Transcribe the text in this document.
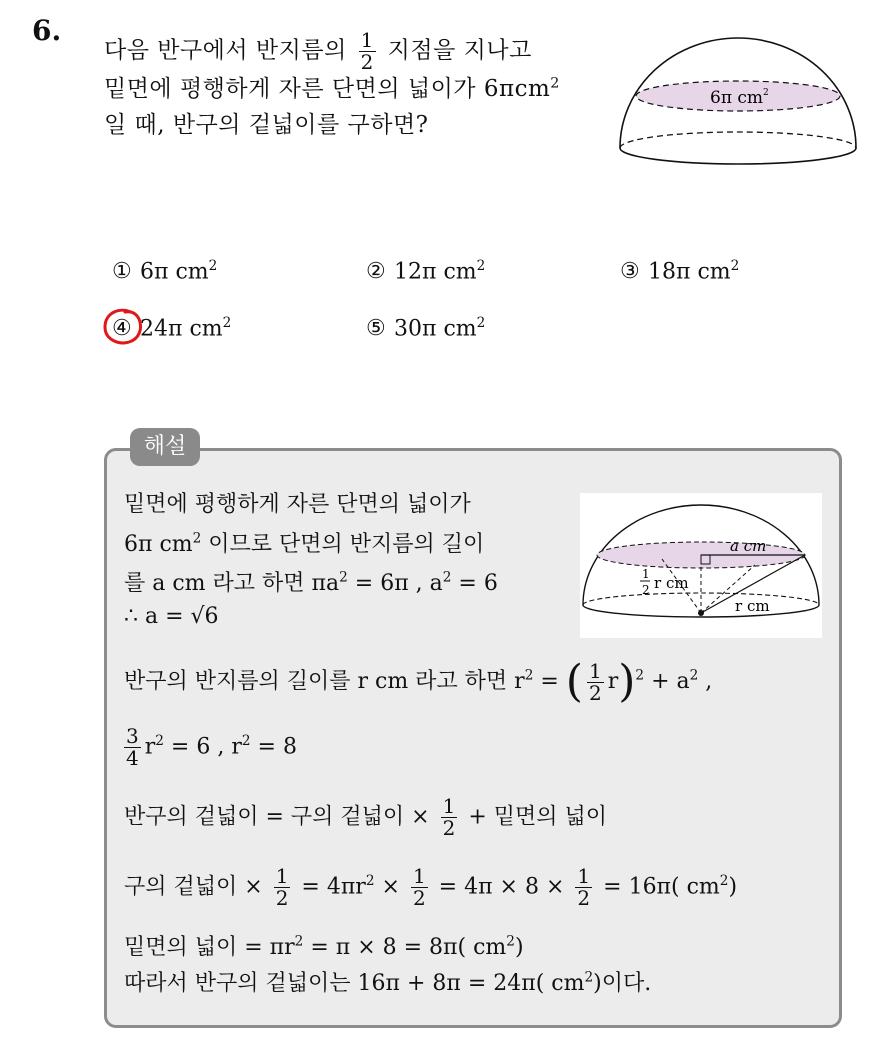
6.
다음 반구에서 반지름의 $\frac{1}{2}$ 지점을 지나고
밑면에 평행하게 자른 단면의 넓이가 6πcm$^2$
일 때, 반구의 겉넓이를 구하면?
6π $cm^2$
① 6π $cm^2$	② 12π $cm^2$	③ 18π $cm^2$
④ 24π $cm^2$	⑤ 30π $cm^2$
해설
밑면에 평행하게 자른 단면의 넓이가
6π $cm^2$ 이므로 단면의 반지름의 길이
를 a cm 라고 하면 $\pi a^2 = 6\pi$ , $a^2 = 6$
∴ a = √6
a cm
1
2 r cm
r cm
반구의 반지름의 길이를 r cm 라고 하면 $r^2$ = ( $\frac{1}{2} r)^2 + a^2$ ,
$\frac{3}{4} r^2 = 6$ , $r^2 = 8$
반구의 겉넓이 = 구의 겉넓이 × $\frac{1}{2}$ + 밑면의 넓이
구의 겉넓이 × $\frac{1}{2} = 4\pi r^2 \times \frac{1}{2} = 4\pi \times 8 \times \frac{1}{2} = 16\pi$( $cm^2$)
밑면의 넓이 = $\pi r^2 = \pi \times 8 = 8\pi$( $cm^2$)
따라서 반구의 겉넓이는 16π + 8π = 24π( $cm^2$)이다.
